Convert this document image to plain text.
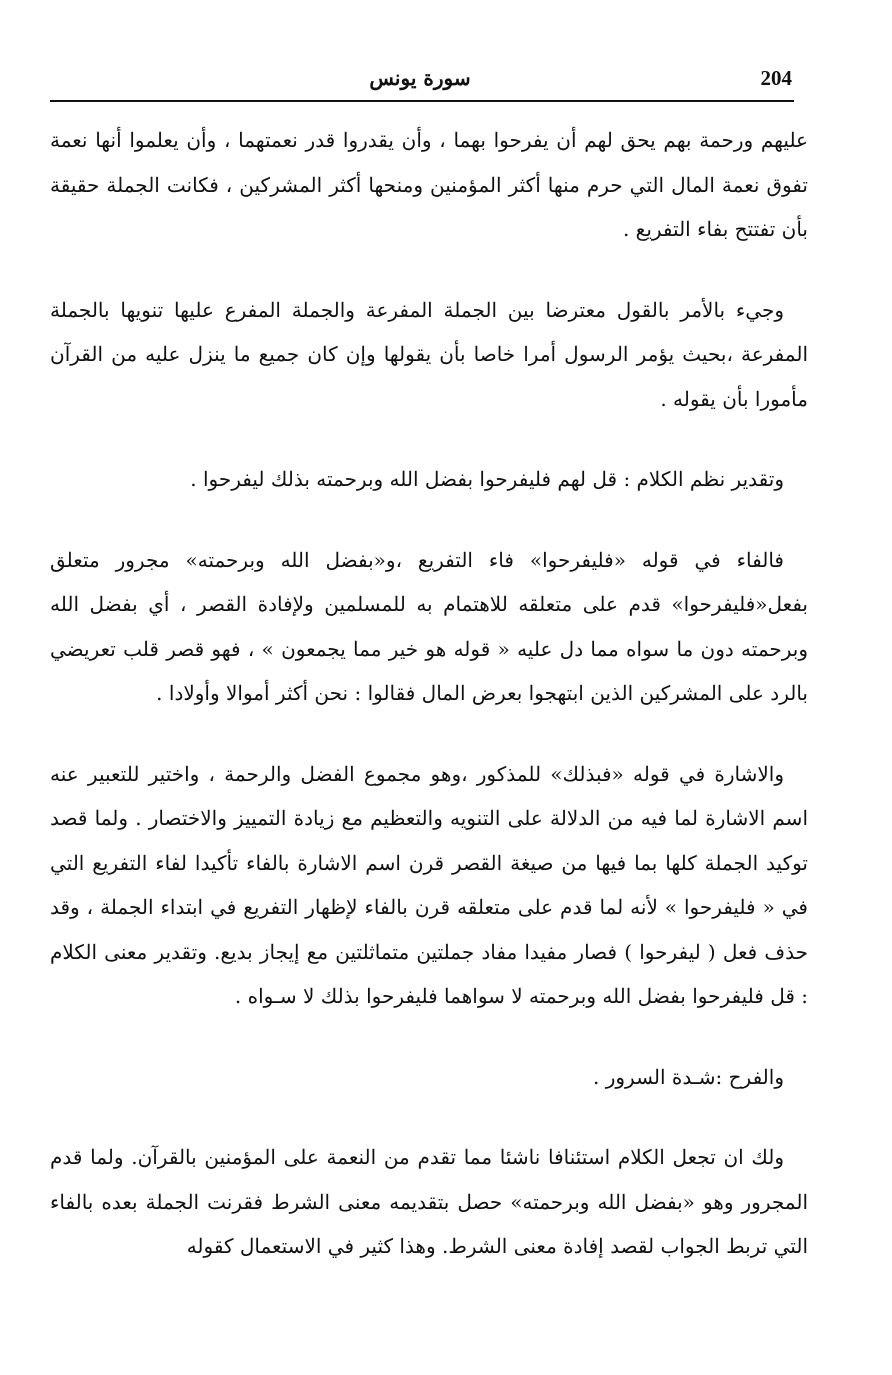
سورة يونس	204

عليهم ورحمة بهم يحق لهم أن يفرحوا بهما ، وأن يقدروا قدر نعمتهما ، وأن يعلموا أنها نعمة تفوق نعمة المال التي حرم منها أكثر المؤمنين ومنحها أكثر المشركين ، فكانت الجملة حقيقة بأن تفتتح بفاء التفريع .

وجيء بالأمر بالقول معترضا بين الجملة المفرعة والجملة المفرع عليها تنويها بالجملة المفرعة ،بحيث يؤمر الرسول أمرا خاصا بأن يقولها وإن كان جميع ما ينزل عليه من القرآن مأمورا بأن يقوله .

وتقدير نظم الكلام : قل لهم فليفرحوا بفضل الله وبرحمته بذلك ليفرحوا .

فالفاء في قوله «فليفرحوا» فاء التفريع ،و«بفضل الله وبرحمته» مجرور متعلق بفعل«فليفرحوا» قدم على متعلقه للاهتمام به للمسلمين ولإفادة القصر ، أي بفضل الله وبرحمته دون ما سواه مما دل عليه « قوله هو خير مما يجمعون » ، فهو قصر قلب تعريضي بالرد على المشركين الذين ابتهجوا بعرض المال فقالوا : نحن أكثر أموالا وأولادا .

والاشارة في قوله «فبذلك» للمذكور ،وهو مجموع الفضل والرحمة ، واختير للتعبير عنه اسم الاشارة لما فيه من الدلالة على التنويه والتعظيم مع زيادة التمييز والاختصار . ولما قصد توكيد الجملة كلها بما فيها من صيغة القصر قرن اسم الاشارة بالفاء تأكيدا لفاء التفريع التي في « فليفرحوا » لأنه لما قدم على متعلقه قرن بالفاء لإظهار التفريع في ابتداء الجملة ، وقد حذف فعل ( ليفرحوا ) فصار مفيدا مفاد جملتين متماثلتين مع إيجاز بديع. وتقدير معنى الكلام : قل فليفرحوا بفضل الله وبرحمته لا سواهما فليفرحوا بذلك لا سـواه .

والفرح :شـدة السرور .

ولك ان تجعل الكلام استئنافا ناشئا مما تقدم من النعمة على المؤمنين بالقرآن. ولما قدم المجرور وهو «بفضل الله وبرحمته» حصل بتقديمه معنى الشرط فقرنت الجملة بعده بالفاء التي تربط الجواب لقصد إفادة معنى الشرط. وهذا كثير في الاستعمال كقوله
